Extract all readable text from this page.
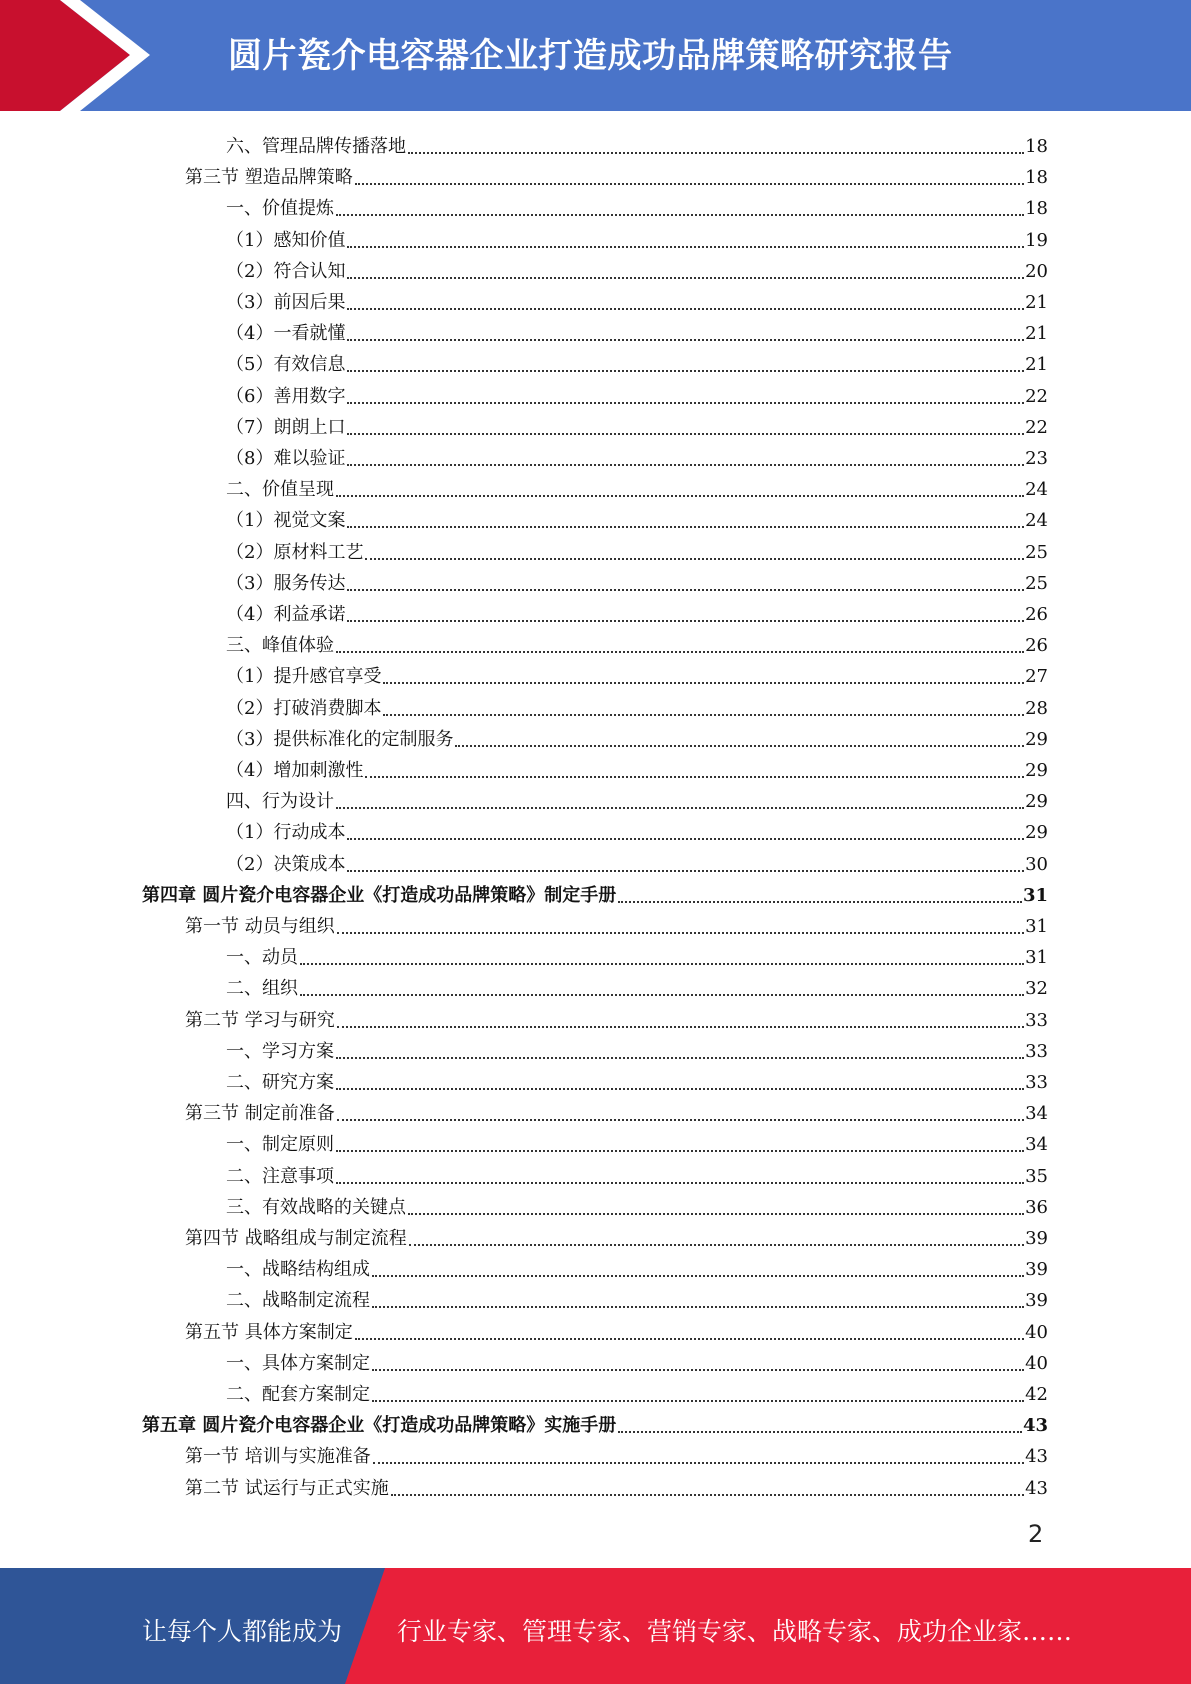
圆片瓷介电容器企业打造成功品牌策略研究报告
六、管理品牌传播落地	18
第三节 塑造品牌策略	18
一、价值提炼	18
（1）感知价值	19
（2）符合认知	20
（3）前因后果	21
（4）一看就懂	21
（5）有效信息	21
（6）善用数字	22
（7）朗朗上口	22
（8）难以验证	23
二、价值呈现	24
（1）视觉文案	24
（2）原材料工艺	25
（3）服务传达	25
（4）利益承诺	26
三、峰值体验	26
（1）提升感官享受	27
（2）打破消费脚本	28
（3）提供标准化的定制服务	29
（4）增加刺激性	29
四、行为设计	29
（1）行动成本	29
（2）决策成本	30
第四章 圆片瓷介电容器企业《打造成功品牌策略》制定手册	31
第一节 动员与组织	31
一、动员	31
二、组织	32
第二节 学习与研究	33
一、学习方案	33
二、研究方案	33
第三节 制定前准备	34
一、制定原则	34
二、注意事项	35
三、有效战略的关键点	36
第四节 战略组成与制定流程	39
一、战略结构组成	39
二、战略制定流程	39
第五节 具体方案制定	40
一、具体方案制定	40
二、配套方案制定	42
第五章 圆片瓷介电容器企业《打造成功品牌策略》实施手册	43
第一节 培训与实施准备	43
第二节 试运行与正式实施	43
2
让每个人都能成为 行业专家、管理专家、营销专家、战略专家、成功企业家……
